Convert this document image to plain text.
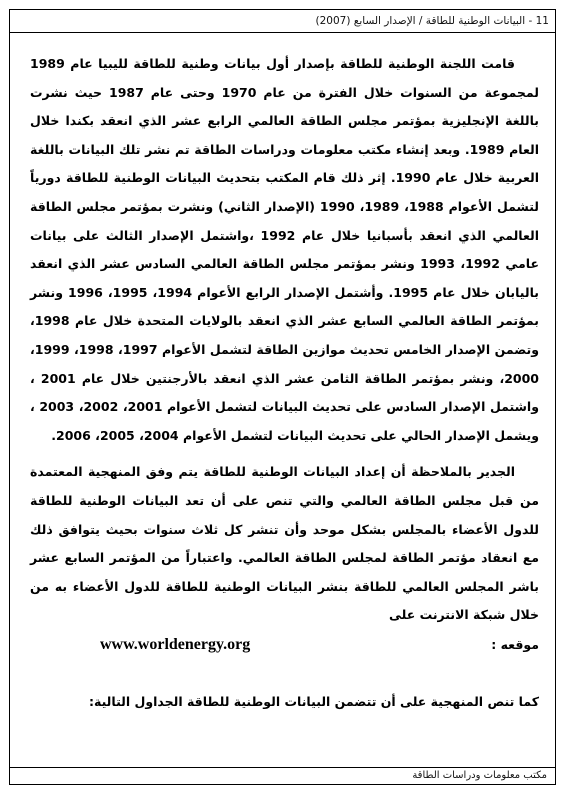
11 - البيانات الوطنية للطاقة / الإصدار السابع (2007)

قامت اللجنة الوطنية للطاقة بإصدار أول بيانات وطنية للطاقة لليبيا عام 1989 لمجموعة من السنوات خلال الفترة من عام 1970 وحتى عام 1987 حيث نشرت باللغة الإنجليزية بمؤتمر مجلس الطاقة العالمي الرابع عشر الذي انعقد بكندا خلال العام 1989. وبعد إنشاء مكتب معلومات ودراسات الطاقة تم نشر تلك البيانات باللغة العربية خلال عام 1990. إثر ذلك قام المكتب بتحديث البيانات الوطنية للطاقة دورياً لتشمل الأعوام 1988، 1989، 1990 (الإصدار الثاني) ونشرت بمؤتمر مجلس الطاقة العالمي الذي انعقد بأسبانيا خلال عام 1992 ،واشتمل الإصدار الثالث على بيانات عامي 1992، 1993 ونشر بمؤتمر مجلس الطاقة العالمي السادس عشر الذي انعقد باليابان خلال عام 1995. وأشتمل الإصدار الرابع الأعوام 1994، 1995، 1996 ونشر بمؤتمر الطاقة العالمي السابع عشر الذي انعقد بالولايات المتحدة خلال عام 1998، وتضمن الإصدار الخامس تحديث موازين الطاقة لتشمل الأعوام 1997، 1998، 1999، 2000، ونشر بمؤتمر الطاقة الثامن عشر الذي انعقد بالأرجنتين خلال عام 2001 ، واشتمل الإصدار السادس على تحديث البيانات لتشمل الأعوام 2001، 2002، 2003 ، ويشمل الإصدار الحالي على تحديث البيانات لتشمل الأعوام 2004، 2005، 2006.

الجدير بالملاحظة أن إعداد البيانات الوطنية للطاقة يتم وفق المنهجية المعتمدة من قبل مجلس الطاقة العالمي والتي تنص على أن تعد البيانات الوطنية للطاقة للدول الأعضاء بالمجلس بشكل موحد وأن تنشر كل ثلاث سنوات بحيث يتوافق ذلك مع انعقاد مؤتمر الطاقة لمجلس الطاقة العالمي. واعتباراً من المؤتمر السابع عشر باشر المجلس العالمي للطاقة بنشر البيانات الوطنية للطاقة للدول الأعضاء به من خلال شبكة الانترنت على

موقعه :
www.worldenergy.org

كما تنص المنهجية على أن تتضمن البيانات الوطنية للطاقة الجداول التالية:

مكتب معلومات ودراسات الطاقة
